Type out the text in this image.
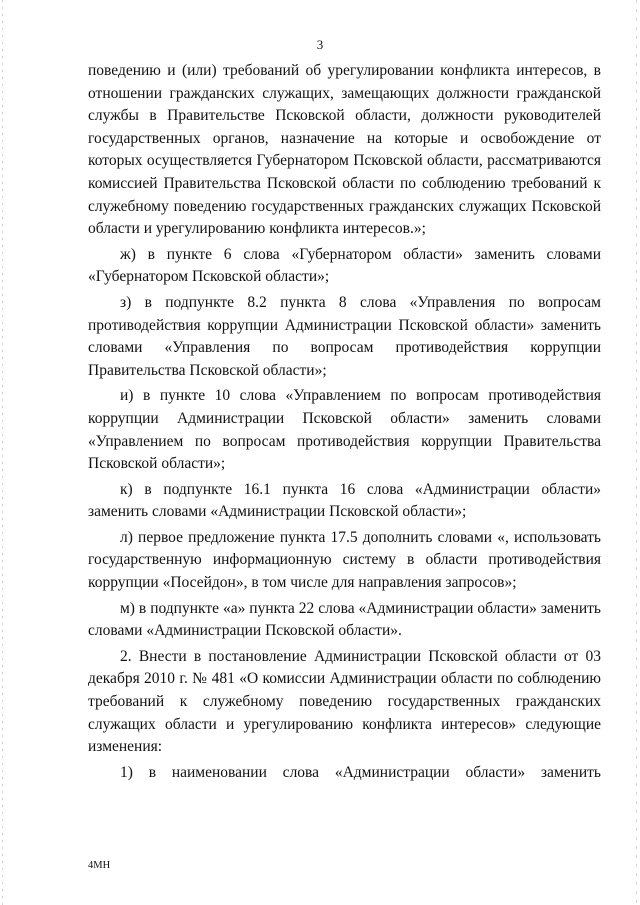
3

поведению и (или) требований об урегулировании конфликта интересов, в отношении гражданских служащих, замещающих должности гражданской службы в Правительстве Псковской области, должности руководителей государственных органов, назначение на которые и освобождение от которых осуществляется Губернатором Псковской области, рассматриваются комиссией Правительства Псковской области по соблюдению требований к служебному поведению государственных гражданских служащих Псковской области и урегулированию конфликта интересов.»;

ж) в пункте 6 слова «Губернатором области» заменить словами «Губернатором Псковской области»;

з) в подпункте 8.2 пункта 8 слова «Управления по вопросам противодействия коррупции Администрации Псковской области» заменить словами «Управления по вопросам противодействия коррупции Правительства Псковской области»;

и) в пункте 10 слова «Управлением по вопросам противодействия коррупции Администрации Псковской области» заменить словами «Управлением по вопросам противодействия коррупции Правительства Псковской области»;

к) в подпункте 16.1 пункта 16 слова «Администрации области» заменить словами «Администрации Псковской области»;

л) первое предложение пункта 17.5 дополнить словами «, использовать государственную информационную систему в области противодействия коррупции «Посейдон», в том числе для направления запросов»;

м) в подпункте «а» пункта 22 слова «Администрации области» заменить словами «Администрации Псковской области».

2. Внести в постановление Администрации Псковской области от 03 декабря 2010 г. № 481 «О комиссии Администрации области по соблюдению требований к служебному поведению государственных гражданских служащих области и урегулированию конфликта интересов» следующие изменения:

1) в наименовании слова «Администрации области» заменить

4МН
